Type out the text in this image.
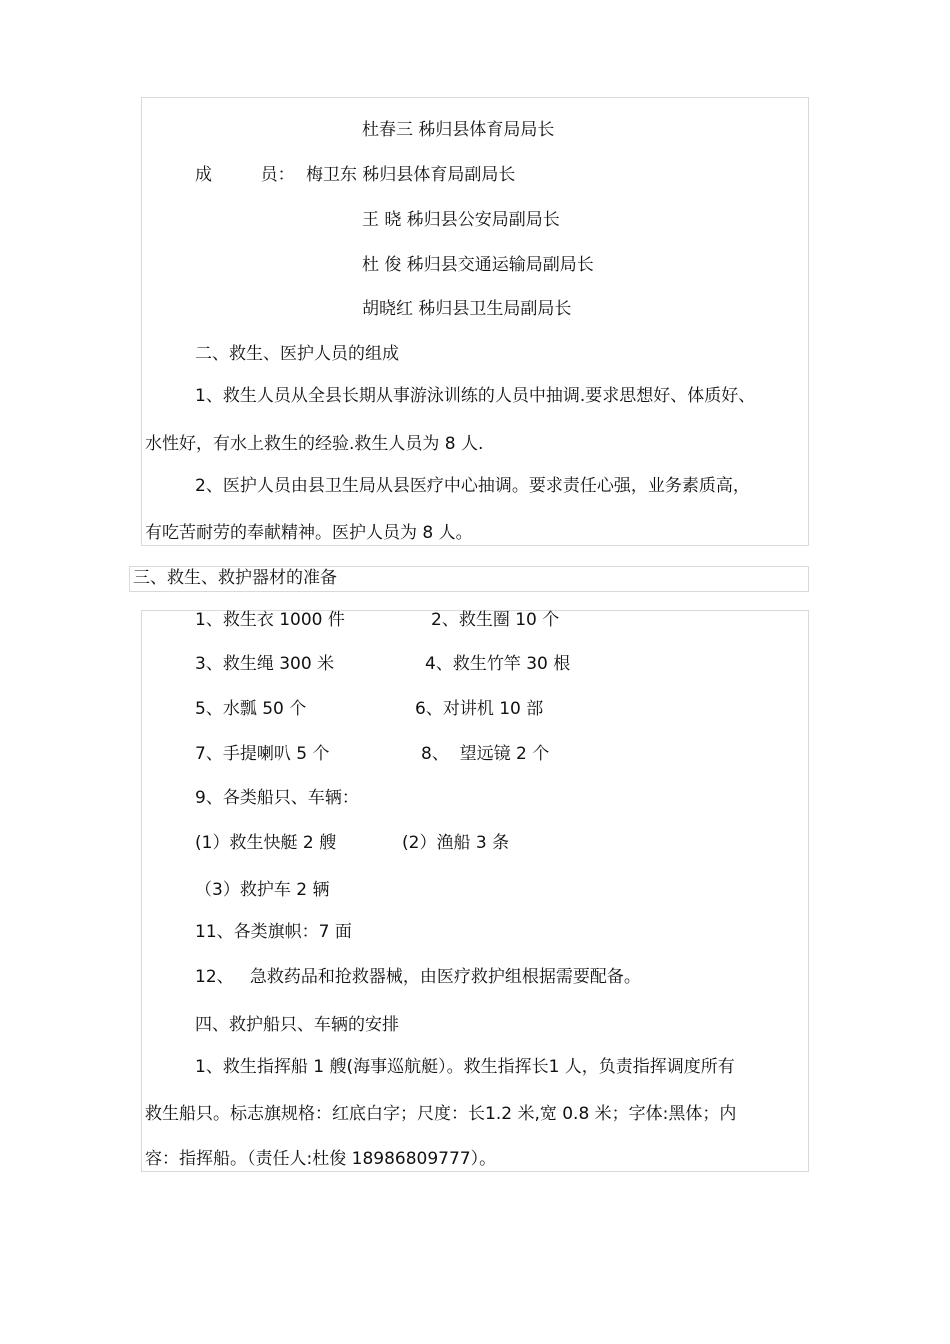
杜春三 秭归县体育局局长
成         员： 梅卫东 秭归县体育局副局长
王 晓 秭归县公安局副局长
杜 俊 秭归县交通运输局副局长
胡晓红 秭归县卫生局副局长
二、救生、医护人员的组成
1、救生人员从全县长期从事游泳训练的人员中抽调.要求思想好、体质好、
水性好，有水上救生的经验.救生人员为 8 人.
2、医护人员由县卫生局从县医疗中心抽调。要求责任心强，业务素质高，
有吃苦耐劳的奉献精神。医护人员为 8 人。
三、救生、救护器材的准备
1、救生衣 1000 件	2、救生圈 10 个
3、救生绳 300 米	4、救生竹竿 30 根
5、水瓢 50 个	6、对讲机 10 部
7、手提喇叭 5 个	8、  望远镜 2 个
9、各类船只、车辆：
(1）救生快艇 2 艘	(2）渔船 3 条
（3）救护车 2 辆
11、各类旗帜：7 面
12、   急救药品和抢救器械，由医疗救护组根据需要配备。
四、救护船只、车辆的安排
1、救生指挥船 1 艘(海事巡航艇）。救生指挥长1 人，负责指挥调度所有
救生船只。标志旗规格：红底白字；尺度：长1.2 米,宽 0.8 米；字体:黑体；内
容：指挥船。（责任人:杜俊 18986809777）。
